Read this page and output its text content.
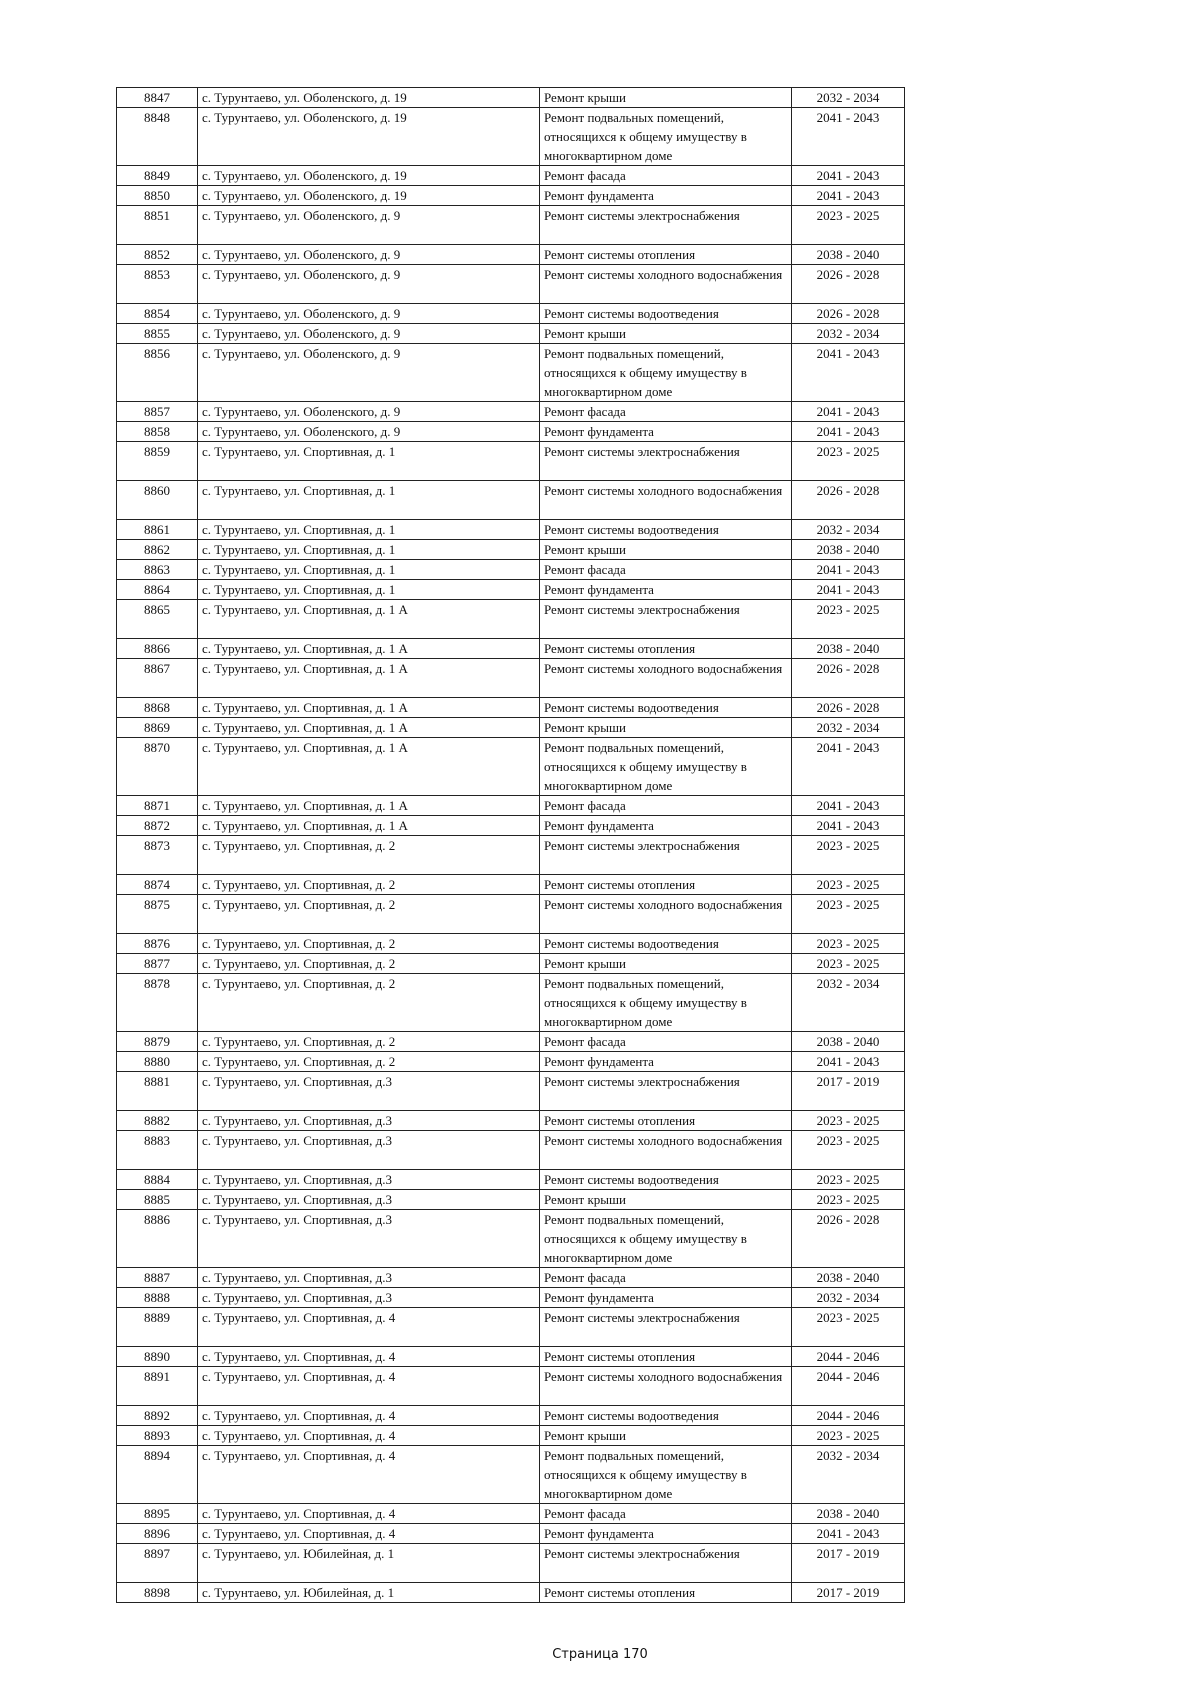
8847	с. Турунтаево, ул. Оболенского, д. 19	Ремонт крыши	2032 - 2034
8848	с. Турунтаево, ул. Оболенского, д. 19	Ремонт подвальных помещений, относящихся к общему имуществу в многоквартирном доме	2041 - 2043
8849	с. Турунтаево, ул. Оболенского, д. 19	Ремонт фасада	2041 - 2043
8850	с. Турунтаево, ул. Оболенского, д. 19	Ремонт фундамента	2041 - 2043
8851	с. Турунтаево, ул. Оболенского, д. 9	Ремонт системы электроснабжения	2023 - 2025
8852	с. Турунтаево, ул. Оболенского, д. 9	Ремонт системы отопления	2038 - 2040
8853	с. Турунтаево, ул. Оболенского, д. 9	Ремонт системы холодного водоснабжения	2026 - 2028
8854	с. Турунтаево, ул. Оболенского, д. 9	Ремонт системы водоотведения	2026 - 2028
8855	с. Турунтаево, ул. Оболенского, д. 9	Ремонт крыши	2032 - 2034
8856	с. Турунтаево, ул. Оболенского, д. 9	Ремонт подвальных помещений, относящихся к общему имуществу в многоквартирном доме	2041 - 2043
8857	с. Турунтаево, ул. Оболенского, д. 9	Ремонт фасада	2041 - 2043
8858	с. Турунтаево, ул. Оболенского, д. 9	Ремонт фундамента	2041 - 2043
8859	с. Турунтаево, ул. Спортивная, д. 1	Ремонт системы электроснабжения	2023 - 2025
8860	с. Турунтаево, ул. Спортивная, д. 1	Ремонт системы холодного водоснабжения	2026 - 2028
8861	с. Турунтаево, ул. Спортивная, д. 1	Ремонт системы водоотведения	2032 - 2034
8862	с. Турунтаево, ул. Спортивная, д. 1	Ремонт крыши	2038 - 2040
8863	с. Турунтаево, ул. Спортивная, д. 1	Ремонт фасада	2041 - 2043
8864	с. Турунтаево, ул. Спортивная, д. 1	Ремонт фундамента	2041 - 2043
8865	с. Турунтаево, ул. Спортивная, д. 1 А	Ремонт системы электроснабжения	2023 - 2025
8866	с. Турунтаево, ул. Спортивная, д. 1 А	Ремонт системы отопления	2038 - 2040
8867	с. Турунтаево, ул. Спортивная, д. 1 А	Ремонт системы холодного водоснабжения	2026 - 2028
8868	с. Турунтаево, ул. Спортивная, д. 1 А	Ремонт системы водоотведения	2026 - 2028
8869	с. Турунтаево, ул. Спортивная, д. 1 А	Ремонт крыши	2032 - 2034
8870	с. Турунтаево, ул. Спортивная, д. 1 А	Ремонт подвальных помещений, относящихся к общему имуществу в многоквартирном доме	2041 - 2043
8871	с. Турунтаево, ул. Спортивная, д. 1 А	Ремонт фасада	2041 - 2043
8872	с. Турунтаево, ул. Спортивная, д. 1 А	Ремонт фундамента	2041 - 2043
8873	с. Турунтаево, ул. Спортивная, д. 2	Ремонт системы электроснабжения	2023 - 2025
8874	с. Турунтаево, ул. Спортивная, д. 2	Ремонт системы отопления	2023 - 2025
8875	с. Турунтаево, ул. Спортивная, д. 2	Ремонт системы холодного водоснабжения	2023 - 2025
8876	с. Турунтаево, ул. Спортивная, д. 2	Ремонт системы водоотведения	2023 - 2025
8877	с. Турунтаево, ул. Спортивная, д. 2	Ремонт крыши	2023 - 2025
8878	с. Турунтаево, ул. Спортивная, д. 2	Ремонт подвальных помещений, относящихся к общему имуществу в многоквартирном доме	2032 - 2034
8879	с. Турунтаево, ул. Спортивная, д. 2	Ремонт фасада	2038 - 2040
8880	с. Турунтаево, ул. Спортивная, д. 2	Ремонт фундамента	2041 - 2043
8881	с. Турунтаево, ул. Спортивная, д.3	Ремонт системы электроснабжения	2017 - 2019
8882	с. Турунтаево, ул. Спортивная, д.3	Ремонт системы отопления	2023 - 2025
8883	с. Турунтаево, ул. Спортивная, д.3	Ремонт системы холодного водоснабжения	2023 - 2025
8884	с. Турунтаево, ул. Спортивная, д.3	Ремонт системы водоотведения	2023 - 2025
8885	с. Турунтаево, ул. Спортивная, д.3	Ремонт крыши	2023 - 2025
8886	с. Турунтаево, ул. Спортивная, д.3	Ремонт подвальных помещений, относящихся к общему имуществу в многоквартирном доме	2026 - 2028
8887	с. Турунтаево, ул. Спортивная, д.3	Ремонт фасада	2038 - 2040
8888	с. Турунтаево, ул. Спортивная, д.3	Ремонт фундамента	2032 - 2034
8889	с. Турунтаево, ул. Спортивная, д. 4	Ремонт системы электроснабжения	2023 - 2025
8890	с. Турунтаево, ул. Спортивная, д. 4	Ремонт системы отопления	2044 - 2046
8891	с. Турунтаево, ул. Спортивная, д. 4	Ремонт системы холодного водоснабжения	2044 - 2046
8892	с. Турунтаево, ул. Спортивная, д. 4	Ремонт системы водоотведения	2044 - 2046
8893	с. Турунтаево, ул. Спортивная, д. 4	Ремонт крыши	2023 - 2025
8894	с. Турунтаево, ул. Спортивная, д. 4	Ремонт подвальных помещений, относящихся к общему имуществу в многоквартирном доме	2032 - 2034
8895	с. Турунтаево, ул. Спортивная, д. 4	Ремонт фасада	2038 - 2040
8896	с. Турунтаево, ул. Спортивная, д. 4	Ремонт фундамента	2041 - 2043
8897	с. Турунтаево, ул. Юбилейная, д. 1	Ремонт системы электроснабжения	2017 - 2019
8898	с. Турунтаево, ул. Юбилейная, д. 1	Ремонт системы отопления	2017 - 2019
Страница 170
